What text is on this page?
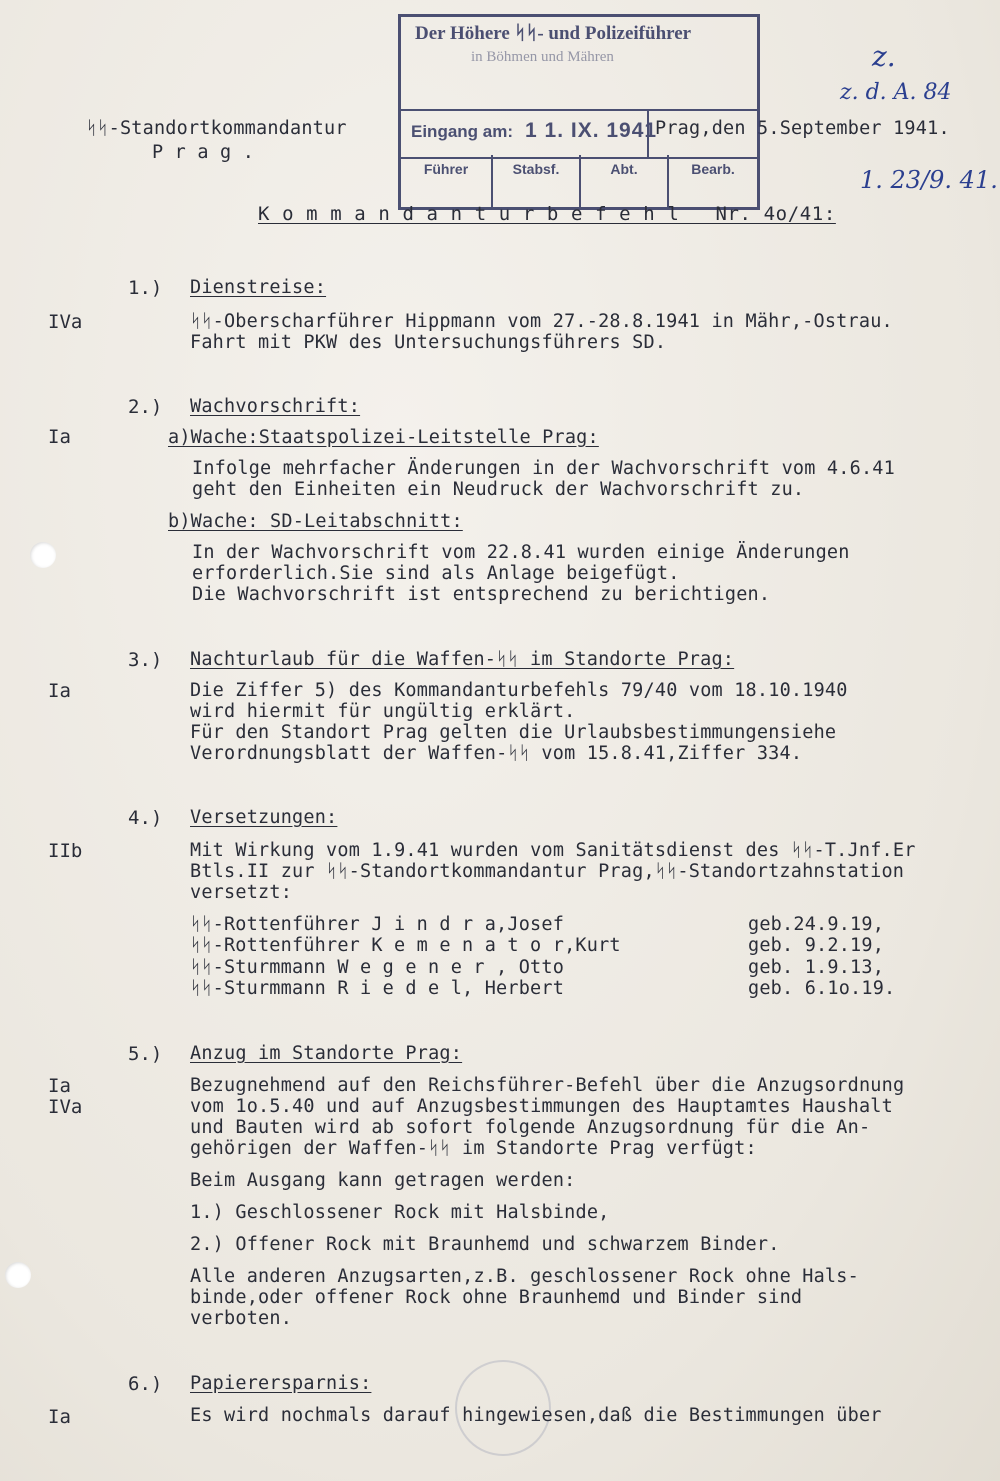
ᛋᛋ-Standortkommandantur
P r a g .
Prag,den 5.September 1941.
Der Höhere ᛋᛋ- und Polizeiführer
in Böhmen und Mähren
Eingang am: 1 1. IX. 1941
Führer	Stabsf.	Abt.	Bearb.
z.
z. d. A. 84
1. 23/9. 41.
K o m m a n d a n t u r b e f e h l   Nr. 4o/41:
1.) Dienstreise:
IVa	ᛋᛋ-Oberscharführer Hippmann vom 27.-28.8.1941 in Mähr,-Ostrau.
Fahrt mit PKW des Untersuchungsführers SD.
2.) Wachvorschrift:
Ia	a)Wache:Staatspolizei-Leitstelle Prag:
Infolge mehrfacher Änderungen in der Wachvorschrift vom 4.6.41
geht den Einheiten ein Neudruck der Wachvorschrift zu.
b)Wache: SD-Leitabschnitt:
In der Wachvorschrift vom 22.8.41 wurden einige Änderungen
erforderlich.Sie sind als Anlage beigefügt.
Die Wachvorschrift ist entsprechend zu berichtigen.
3.) Nachturlaub für die Waffen-ᛋᛋ im Standorte Prag:
Ia	Die Ziffer 5) des Kommandanturbefehls 79/40 vom 18.10.1940
wird hiermit für ungültig erklärt.
Für den Standort Prag gelten die Urlaubsbestimmungensiehe
Verordnungsblatt der Waffen-ᛋᛋ vom 15.8.41,Ziffer 334.
4.) Versetzungen:
IIb	Mit Wirkung vom 1.9.41 wurden vom Sanitätsdienst des ᛋᛋ-T.Jnf.Er
Btls.II zur ᛋᛋ-Standortkommandantur Prag,ᛋᛋ-Standortzahnstation
versetzt:
ᛋᛋ-Rottenführer J i n d r a,Josef	geb.24.9.19,
ᛋᛋ-Rottenführer K e m e n a t o r,Kurt	geb. 9.2.19,
ᛋᛋ-Sturmmann W e g e n e r , Otto	geb. 1.9.13,
ᛋᛋ-Sturmmann R i e d e l, Herbert	geb. 6.1o.19.
5.) Anzug im Standorte Prag:
Ia
IVa
Bezugnehmend auf den Reichsführer-Befehl über die Anzugsordnung
vom 1o.5.40 und auf Anzugsbestimmungen des Hauptamtes Haushalt
und Bauten wird ab sofort folgende Anzugsordnung für die An-
gehörigen der Waffen-ᛋᛋ im Standorte Prag verfügt:
Beim Ausgang kann getragen werden:
1.) Geschlossener Rock mit Halsbinde,
2.) Offener Rock mit Braunhemd und schwarzem Binder.
Alle anderen Anzugsarten,z.B. geschlossener Rock ohne Hals-
binde,oder offener Rock ohne Braunhemd und Binder sind
verboten.
6.) Papierersparnis:
Ia	Es wird nochmals darauf hingewiesen,daß die Bestimmungen über
